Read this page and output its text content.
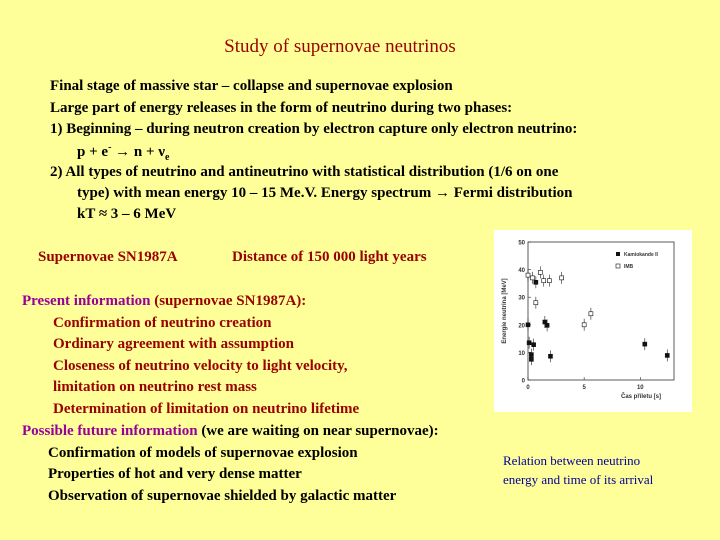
Study of supernovae neutrinos
Final stage of massive star – collapse and supernovae explosion
Large part of energy releases in the form of neutrino during two phases:
1) Beginning – during neutron creation by electron capture only electron neutrino:
$p + e^- \to n + \nu_e$
2) All types of neutrino and antineutrino with statistical distribution (1/6 on one
type) with mean energy 10 – 15 Me.V. Energy spectrum → Fermi distribution
kT ≈ 3 – 6 MeV
Supernovae SN1987A	Distance of 150 000 light years
Present information (supernovae SN1987A):
Confirmation of neutrino creation
Ordinary agreement with assumption
Closeness of neutrino velocity to light velocity,
limitation on neutrino rest mass
Determination of limitation on neutrino lifetime
Possible future information (we are waiting on near supernovae):
Confirmation of models of supernovae explosion
Properties of hot and very dense matter
Observation of supernovae shielded by galactic matter
Relation between neutrino
energy and time of its arrival
50
40
30
20
10
0
0	5	10
Čas příletu [s]
Energie neutrina [MeV]
Kamiokande II
IMB
